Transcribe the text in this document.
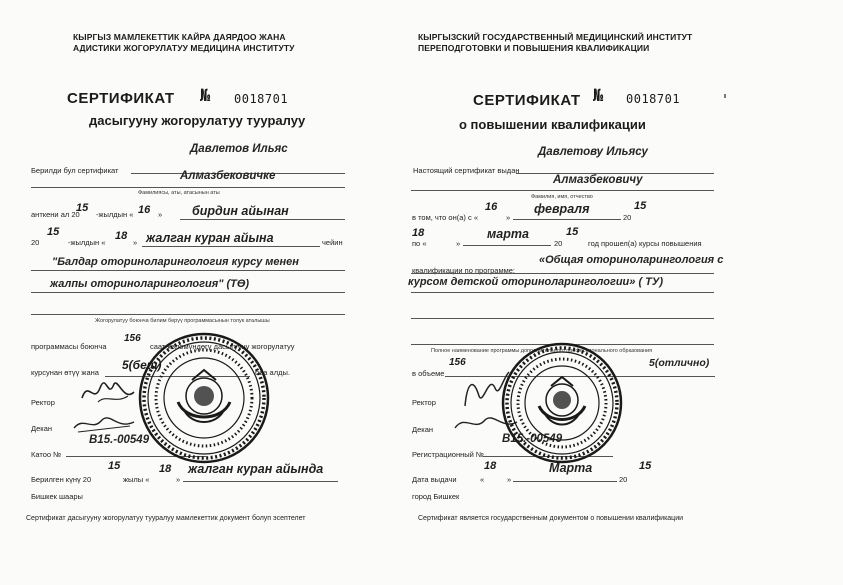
КЫРГЫЗ МАМЛЕКЕТТИК КАЙРА ДАЯРДОО ЖАНА
АДИСТИКИ ЖОГОРУЛАТУУ МЕДИЦИНА ИНСТИТУТУ
СЕРТИФИКАТ № 0018701
дасыгууну жогорулатуу тууралуу
Давлетов Ильяс
Берилди бул сертификат	Алмазбековичке
Фамилиясы, аты, атасынын аты
анткени ал 20
15
-жылдын « 16 » бирдин айынан
20
15
-жылдын «
18
» жалган куран айына	чейин
"Балдар оториноларингология курсу менен
жалпы оториноларингология" (ТӨ)
Жогорулатуу боюнча билим берүү программасынын толук аталышы
программасы боюнча
156
саат көлөмүндөгү дасыгууну жогорулатуу
курсунан өтүү жана
5(беш)
баа алды.
Ректор
Декан
Катоо №
В15.-00549
Берилген күнү 20
15
жылы «
18
»
жалган куран айында
Бишкек шаары
Сертификат дасыгууну жогорулатуу тууралуу мамлекеттик документ болуп эсептелет
КЫРГЫЗСКИЙ ГОСУДАРСТВЕННЫЙ МЕДИЦИНСКИЙ ИНСТИТУТ
ПЕРЕПОДГОТОВКИ И ПОВЫШЕНИЯ КВАЛИФИКАЦИИ
СЕРТИФИКАТ № 0018701
о повышении квалификации
Давлетову Ильясу
Настоящий сертификат выдан
Алмазбековичу
Фамилия, имя, отчество
в том, что он(а) с «
16
»
февраля
20
15
по «
18
»
марта
20
15
год прошел(а) курсы повышения
«Общая оториноларингология с
квалификации по программе:
курсом детской оториноларингологии» ( ТУ)
Полное наименование программы дополнительного профессионального образования
в объеме
156	5(отлично)
Ректор
Декан
Регистрационный №
В15.-00549
Дата выдачи	«
18
»
Марта
20
15
город Бишкек
Сертификат является государственным документом о повышении квалификации
